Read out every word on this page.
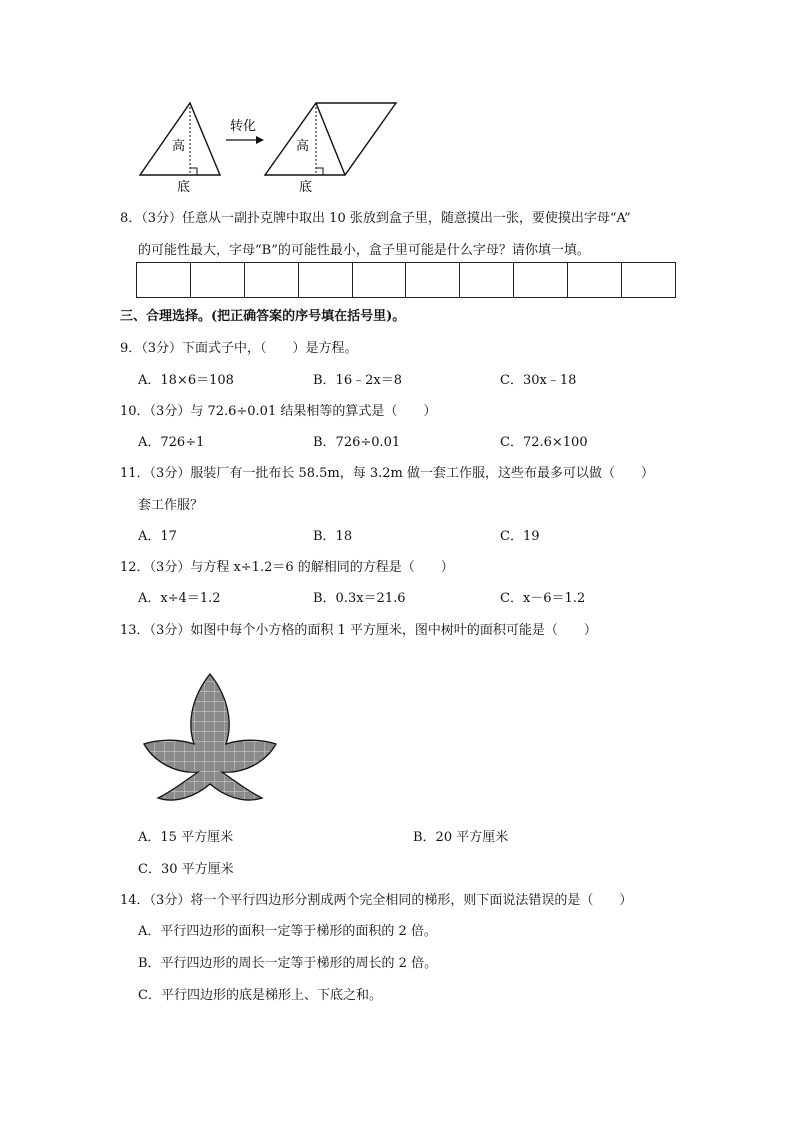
高
底
转化
高
底
8．（3分）任意从一副扑克牌中取出 10 张放到盒子里，随意摸出一张，要使摸出字母“A”
的可能性最大，字母“B”的可能性最小，盒子里可能是什么字母？请你填一填。

三、合理选择。(把正确答案的序号填在括号里)。
9．（3分）下面式子中，（　　）是方程。
A．18×6＝108	B．16﹣2x＝8	C．30x﹣18
10．（3分）与 72.6÷0.01 结果相等的算式是（　　）
A．726÷1	B．726÷0.01	C．72.6×100
11．（3分）服装厂有一批布长 58.5m，每 3.2m 做一套工作服，这些布最多可以做（　　）
套工作服？
A．17	B．18	C．19
12．（3分）与方程 x÷1.2＝6 的解相同的方程是（　　）
A．x÷4＝1.2	B．0.3x＝21.6	C．x－6＝1.2
13．（3分）如图中每个小方格的面积 1 平方厘米，图中树叶的面积可能是（　　）
A．15 平方厘米	B．20 平方厘米
C．30 平方厘米
14．（3分）将一个平行四边形分割成两个完全相同的梯形，则下面说法错误的是（　　）
A．平行四边形的面积一定等于梯形的面积的 2 倍。
B．平行四边形的周长一定等于梯形的周长的 2 倍。
C．平行四边形的底是梯形上、下底之和。
